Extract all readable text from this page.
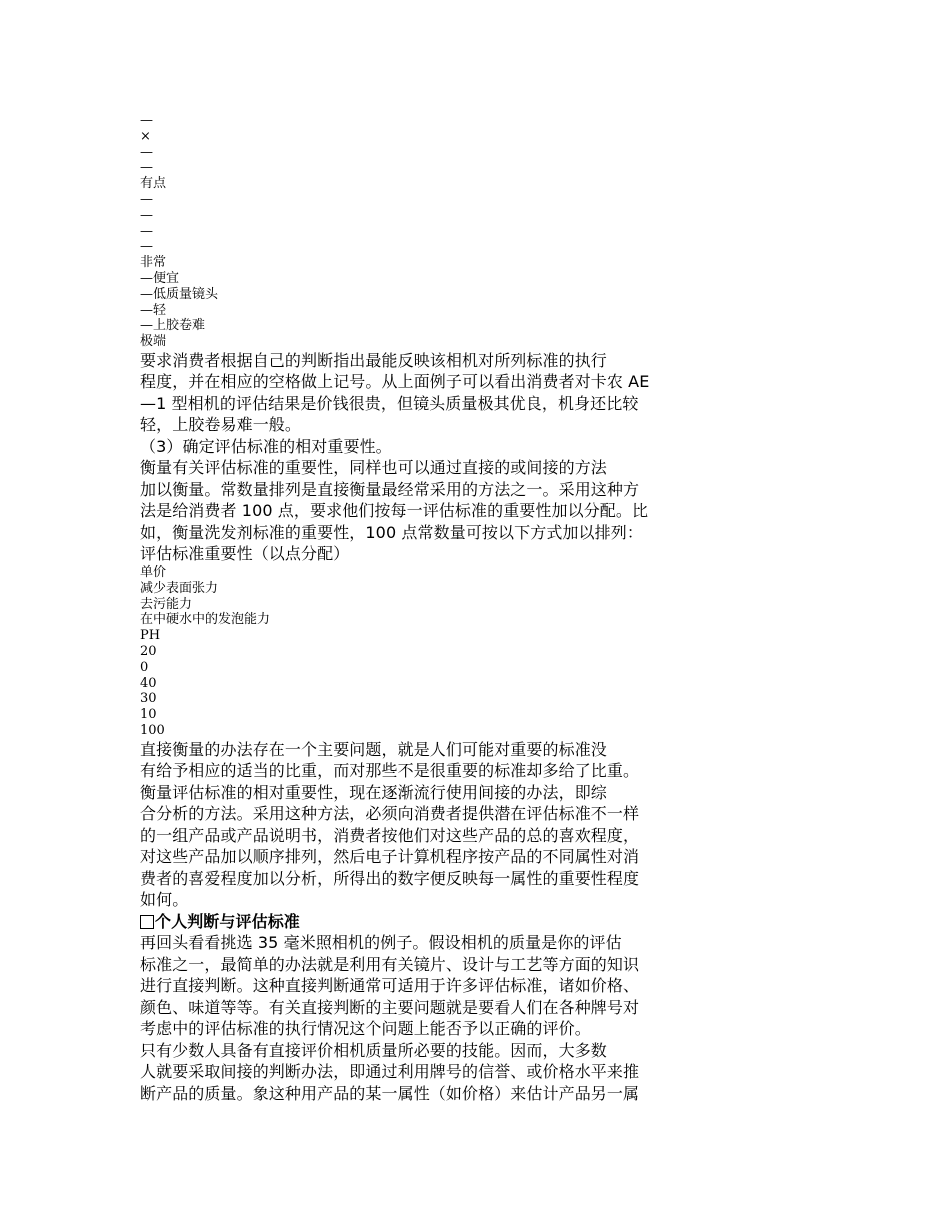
—
×
—
—
有点
—
—
—
—
非常
—便宜
—低质量镜头
—轻
—上胶卷难
极端
要求消费者根据自己的判断指出最能反映该相机对所列标准的执行
程度，并在相应的空格做上记号。从上面例子可以看出消费者对卡农 AE
—1 型相机的评估结果是价钱很贵，但镜头质量极其优良，机身还比较
轻，上胶卷易难一般。
（3）确定评估标准的相对重要性。
衡量有关评估标准的重要性，同样也可以通过直接的或间接的方法
加以衡量。常数量排列是直接衡量最经常采用的方法之一。采用这种方
法是给消费者 100 点，要求他们按每一评估标准的重要性加以分配。比
如，衡量洗发剂标准的重要性，100 点常数量可按以下方式加以排列：
评估标准重要性（以点分配）
单价
减少表面张力
去污能力
在中硬水中的发泡能力
PH
20
0
40
30
10
100
直接衡量的办法存在一个主要问题，就是人们可能对重要的标准没
有给予相应的适当的比重，而对那些不是很重要的标准却多给了比重。
衡量评估标准的相对重要性，现在逐渐流行使用间接的办法，即综
合分析的方法。采用这种方法，必须向消费者提供潜在评估标准不一样
的一组产品或产品说明书，消费者按他们对这些产品的总的喜欢程度，
对这些产品加以顺序排列，然后电子计算机程序按产品的不同属性对消
费者的喜爱程度加以分析，所得出的数字便反映每一属性的重要性程度
如何。
个人判断与评估标准
再回头看看挑选 35 毫米照相机的例子。假设相机的质量是你的评估
标准之一，最简单的办法就是利用有关镜片、设计与工艺等方面的知识
进行直接判断。这种直接判断通常可适用于许多评估标准，诸如价格、
颜色、味道等等。有关直接判断的主要问题就是要看人们在各种牌号对
考虑中的评估标准的执行情况这个问题上能否予以正确的评价。
只有少数人具备有直接评价相机质量所必要的技能。因而，大多数
人就要采取间接的判断办法，即通过利用牌号的信誉、或价格水平来推
断产品的质量。象这种用产品的某一属性（如价格）来估计产品另一属
